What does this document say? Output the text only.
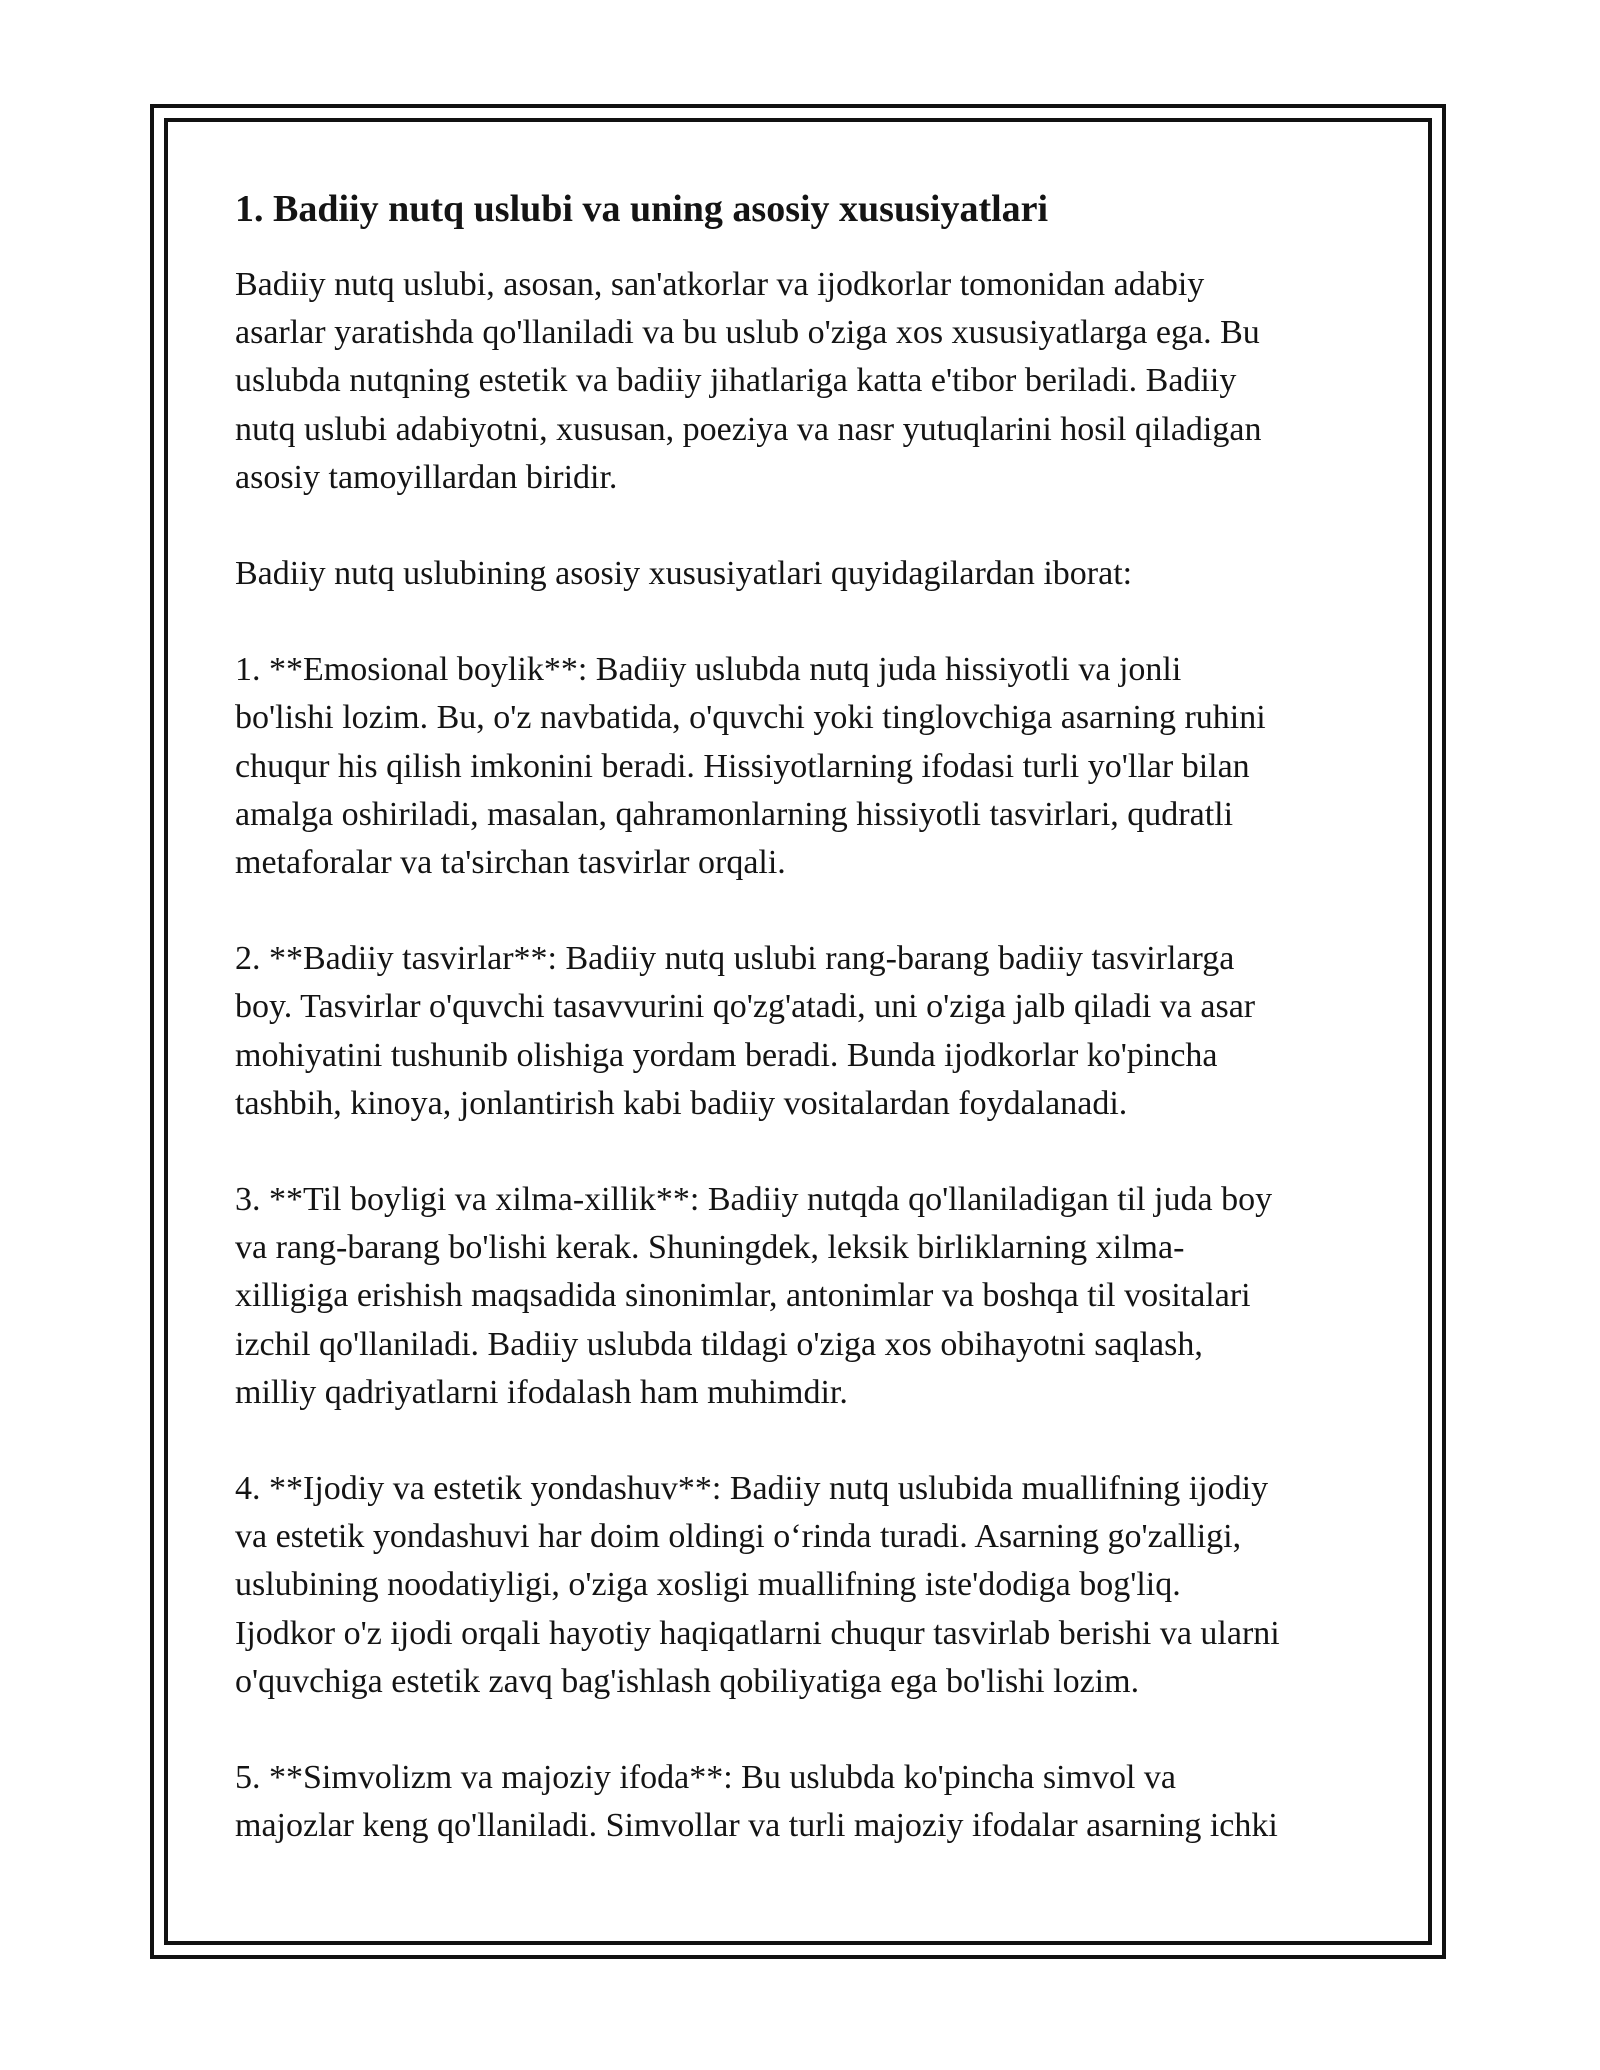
1. Badiiy nutq uslubi va uning asosiy xususiyatlari

Badiiy nutq uslubi, asosan, san'atkorlar va ijodkorlar tomonidan adabiy
asarlar yaratishda qo'llaniladi va bu uslub o'ziga xos xususiyatlarga ega. Bu
uslubda nutqning estetik va badiiy jihatlariga katta e'tibor beriladi. Badiiy
nutq uslubi adabiyotni, xususan, poeziya va nasr yutuqlarini hosil qiladigan
asosiy tamoyillardan biridir.

Badiiy nutq uslubining asosiy xususiyatlari quyidagilardan iborat:

1. **Emosional boylik**: Badiiy uslubda nutq juda hissiyotli va jonli
bo'lishi lozim. Bu, o'z navbatida, o'quvchi yoki tinglovchiga asarning ruhini
chuqur his qilish imkonini beradi. Hissiyotlarning ifodasi turli yo'llar bilan
amalga oshiriladi, masalan, qahramonlarning hissiyotli tasvirlari, qudratli
metaforalar va ta'sirchan tasvirlar orqali.

2. **Badiiy tasvirlar**: Badiiy nutq uslubi rang-barang badiiy tasvirlarga
boy. Tasvirlar o'quvchi tasavvurini qo'zg'atadi, uni o'ziga jalb qiladi va asar
mohiyatini tushunib olishiga yordam beradi. Bunda ijodkorlar ko'pincha
tashbih, kinoya, jonlantirish kabi badiiy vositalardan foydalanadi.

3. **Til boyligi va xilma-xillik**: Badiiy nutqda qo'llaniladigan til juda boy
va rang-barang bo'lishi kerak. Shuningdek, leksik birliklarning xilma-
xilligiga erishish maqsadida sinonimlar, antonimlar va boshqa til vositalari
izchil qo'llaniladi. Badiiy uslubda tildagi o'ziga xos obihayotni saqlash,
milliy qadriyatlarni ifodalash ham muhimdir.

4. **Ijodiy va estetik yondashuv**: Badiiy nutq uslubida muallifning ijodiy
va estetik yondashuvi har doim oldingi o‘rinda turadi. Asarning go'zalligi,
uslubining noodatiyligi, o'ziga xosligi muallifning iste'dodiga bog'liq.
Ijodkor o'z ijodi orqali hayotiy haqiqatlarni chuqur tasvirlab berishi va ularni
o'quvchiga estetik zavq bag'ishlash qobiliyatiga ega bo'lishi lozim.

5. **Simvolizm va majoziy ifoda**: Bu uslubda ko'pincha simvol va
majozlar keng qo'llaniladi. Simvollar va turli majoziy ifodalar asarning ichki
